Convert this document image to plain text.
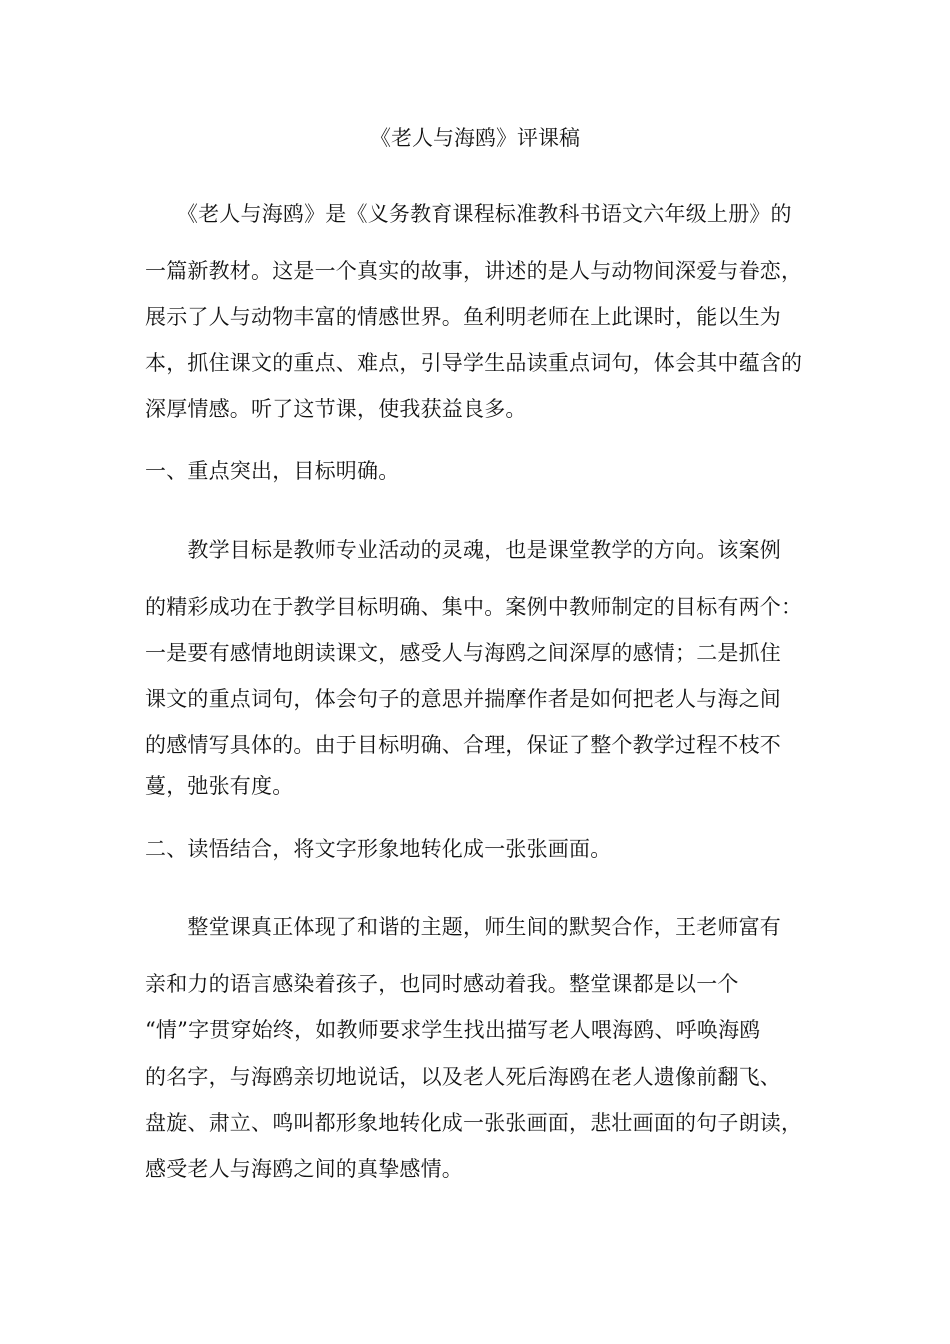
《老人与海鸥》评课稿
　　《老人与海鸥》是《义务教育课程标准教科书语文六年级上册》的
一篇新教材。这是一个真实的故事，讲述的是人与动物间深爱与眷恋，
展示了人与动物丰富的情感世界。鱼利明老师在上此课时，能以生为
本，抓住课文的重点、难点，引导学生品读重点词句，体会其中蕴含的
深厚情感。听了这节课，使我获益良多。
一、重点突出，目标明确。
　　教学目标是教师专业活动的灵魂，也是课堂教学的方向。该案例
的精彩成功在于教学目标明确、集中。案例中教师制定的目标有两个：
一是要有感情地朗读课文，感受人与海鸥之间深厚的感情；二是抓住
课文的重点词句，体会句子的意思并揣摩作者是如何把老人与海之间
的感情写具体的。由于目标明确、合理，保证了整个教学过程不枝不
蔓，弛张有度。
二、读悟结合，将文字形象地转化成一张张画面。
　　整堂课真正体现了和谐的主题，师生间的默契合作，王老师富有
亲和力的语言感染着孩子，也同时感动着我。整堂课都是以一个
“情”字贯穿始终，如教师要求学生找出描写老人喂海鸥、呼唤海鸥
的名字，与海鸥亲切地说话，以及老人死后海鸥在老人遗像前翻飞、
盘旋、肃立、鸣叫都形象地转化成一张张画面，悲壮画面的句子朗读，
感受老人与海鸥之间的真挚感情。
